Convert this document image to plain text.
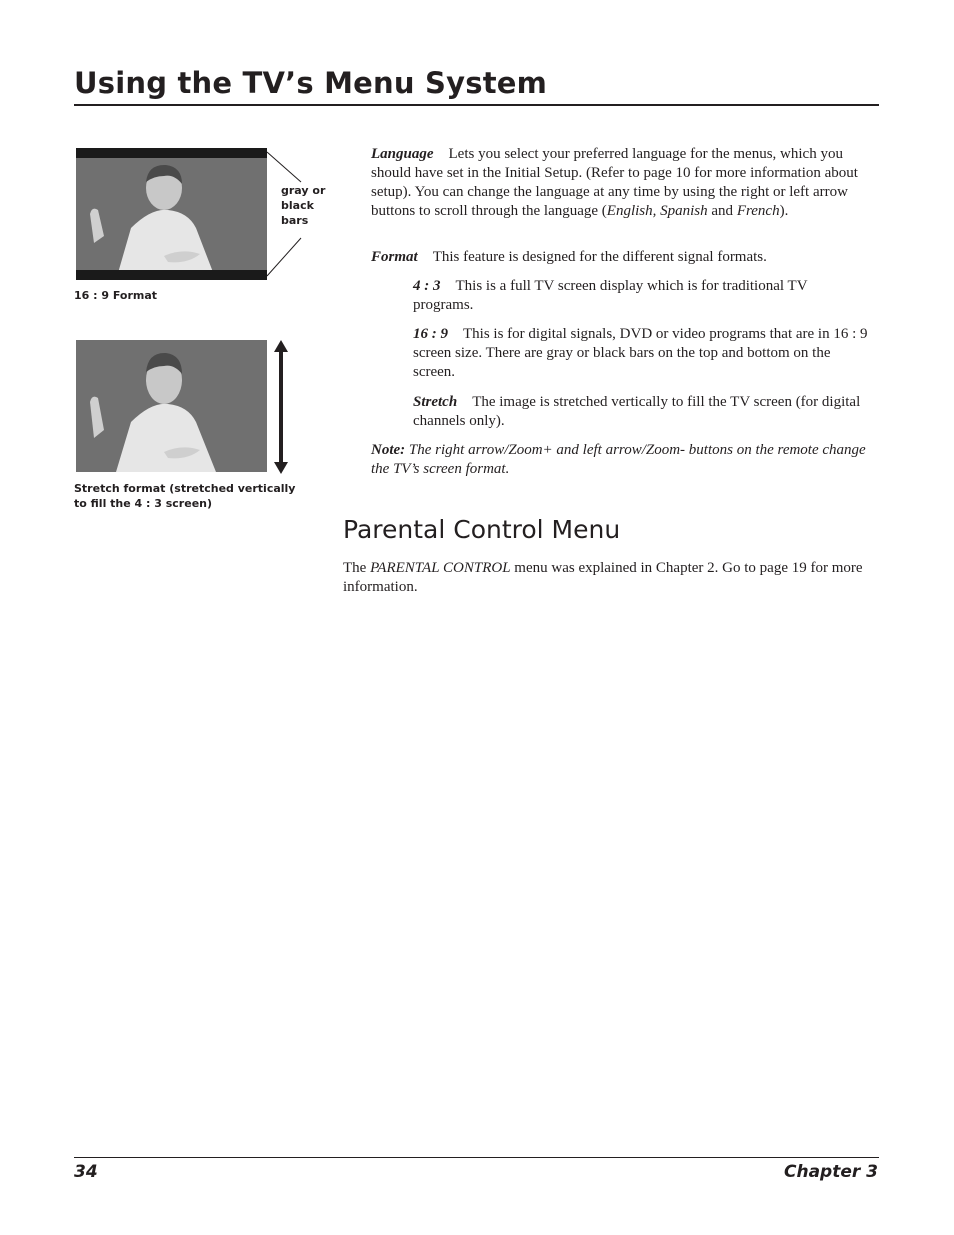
Using the TV’s Menu System
gray or
black
bars

16 : 9 Format

Stretch format (stretched vertically
to fill the 4 : 3 screen)

Language Lets you select your preferred language for the menus, which you should have set in the Initial Setup. (Refer to page 10 for more information about setup). You can change the language at any time by using the right or left arrow buttons to scroll through the language (English, Spanish and French).

Format This feature is designed for the different signal formats.

4 : 3 This is a full TV screen display which is for traditional TV programs.

16 : 9 This is for digital signals, DVD or video programs that are in 16 : 9 screen size. There are gray or black bars on the top and bottom on the screen.

Stretch The image is stretched vertically to fill the TV screen (for digital channels only).

Note: The right arrow/Zoom+ and left arrow/Zoom- buttons on the remote change the TV’s screen format.

Parental Control Menu

The PARENTAL CONTROL menu was explained in Chapter 2. Go to page 19 for more information.

34	Chapter 3
